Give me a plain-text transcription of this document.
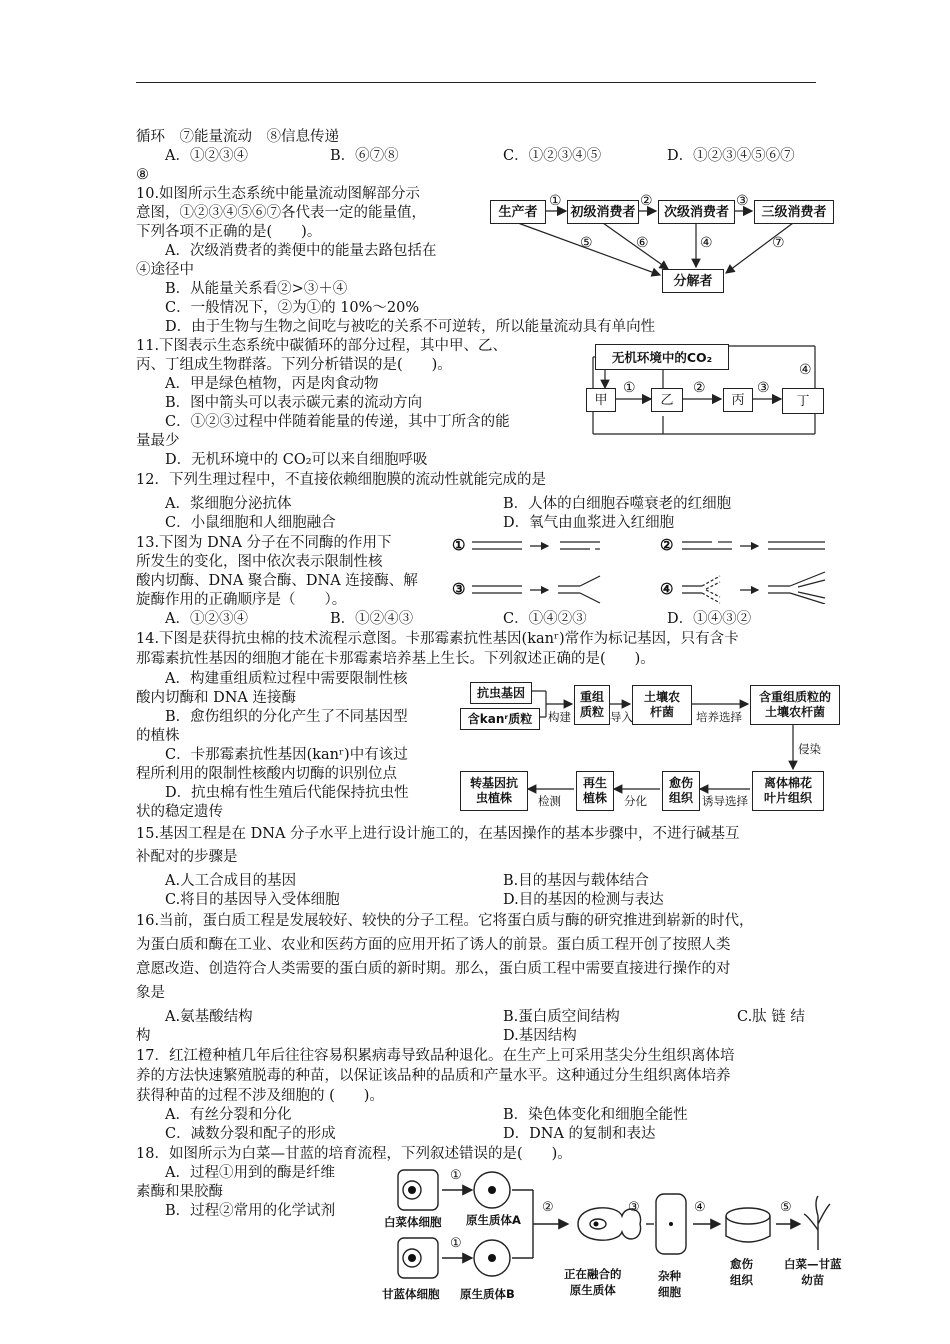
循环　⑦能量流动　⑧信息传递
A．①②③④	B．⑥⑦⑧	C．①②③④⑤	D．①②③④⑤⑥⑦
⑧
10.如图所示生态系统中能量流动图解部分示
意图，①②③④⑤⑥⑦各代表一定的能量值，
下列各项不正确的是(　　)。
A．次级消费者的粪便中的能量去路包括在
④途径中
B．从能量关系看②>③＋④
C．一般情况下，②为①的 10%～20%
D．由于生物与生物之间吃与被吃的关系不可逆转，所以能量流动具有单向性
11.下图表示生态系统中碳循环的部分过程，其中甲、乙、
丙、丁组成生物群落。下列分析错误的是(　　)。
A．甲是绿色植物，丙是肉食动物
B．图中箭头可以表示碳元素的流动方向
C．①②③过程中伴随着能量的传递，其中丁所含的能
量最少
D．无机环境中的 CO₂可以来自细胞呼吸
12．下列生理过程中，不直接依赖细胞膜的流动性就能完成的是
A．浆细胞分泌抗体	B．人体的白细胞吞噬衰老的红细胞
C．小鼠细胞和人细胞融合	D．氧气由血浆进入红细胞
13.下图为 DNA 分子在不同酶的作用下
所发生的变化，图中依次表示限制性核
酸内切酶、DNA 聚合酶、DNA 连接酶、解
旋酶作用的正确顺序是（　　）。
A．①②③④	B．①②④③	C．①④②③	D．①④③②
14.下图是获得抗虫棉的技术流程示意图。卡那霉素抗性基因(kanʳ)常作为标记基因，只有含卡
那霉素抗性基因的细胞才能在卡那霉素培养基上生长。下列叙述正确的是(　　)。
A．构建重组质粒过程中需要限制性核
酸内切酶和 DNA 连接酶
B．愈伤组织的分化产生了不同基因型
的植株
C．卡那霉素抗性基因(kanʳ)中有该过
程所利用的限制性核酸内切酶的识别位点
D．抗虫棉有性生殖后代能保持抗虫性
状的稳定遗传
15.基因工程是在 DNA 分子水平上进行设计施工的，在基因操作的基本步骤中，不进行碱基互
补配对的步骤是
A.人工合成目的基因	B.目的基因与载体结合
C.将目的基因导入受体细胞	D.目的基因的检测与表达
16.当前，蛋白质工程是发展较好、较快的分子工程。它将蛋白质与酶的研究推进到崭新的时代，
为蛋白质和酶在工业、农业和医药方面的应用开拓了诱人的前景。蛋白质工程开创了按照人类
意愿改造、创造符合人类需要的蛋白质的新时期。那么，蛋白质工程中需要直接进行操作的对
象是
A.氨基酸结构	B.蛋白质空间结构	C.肽 链 结
构	D.基因结构
17．红江橙种植几年后往往容易积累病毒导致品种退化。在生产上可采用茎尖分生组织离体培
养的方法快速繁殖脱毒的种苗，以保证该品种的品质和产量水平。这种通过分生组织离体培养
获得种苗的过程不涉及细胞的 (　　)。
A．有丝分裂和分化	B．染色体变化和细胞全能性
C．减数分裂和配子的形成	D．DNA 的复制和表达
18．如图所示为白菜—甘蓝的培育流程，下列叙述错误的是(　　)。
A．过程①用到的酶是纤维
素酶和果胶酶
B．过程②常用的化学试剂
生产者	初级消费者	次级消费者	三级消费者
分解者
①	②	③
⑤	⑥	④	⑦
无机环境中的CO₂
甲	乙	丙	丁
①	②	③
④
①	②
③	④
抗虫基因
含kanʳ质粒
重组
质粒
土壤农
杆菌
含重组质粒的
土壤农杆菌
离体棉花
叶片组织
愈伤
组织
再生
植株
转基因抗
虫植株
构建	导入	培养选择
侵染
诱导选择
分化
检测
①
①
②	③	④	⑤
白菜体细胞 原生质体A
甘蓝体细胞 原生质体B
正在融合的
原生质体
杂种
细胞
愈伤
组织
白菜—甘蓝
幼苗
